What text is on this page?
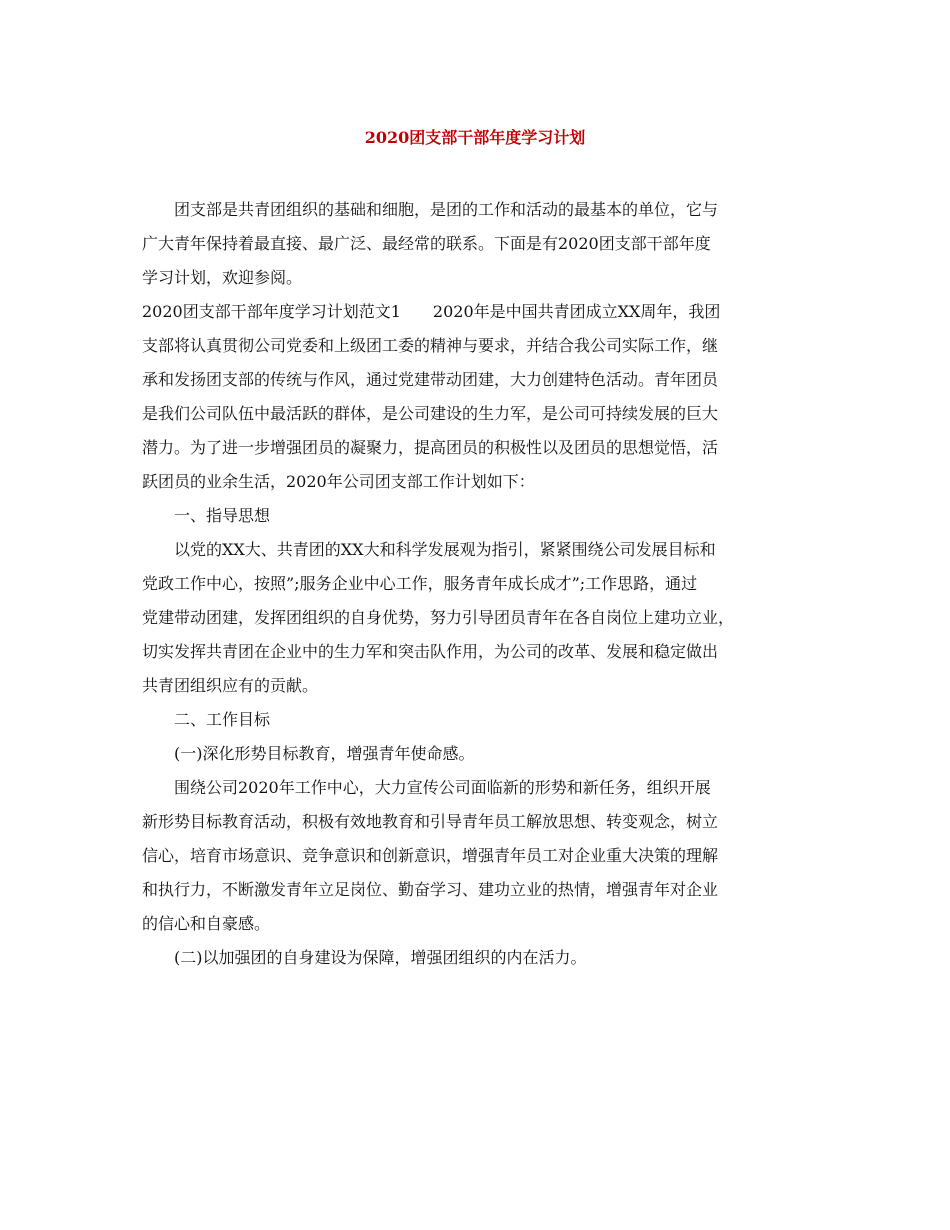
2020团支部干部年度学习计划
团支部是共青团组织的基础和细胞，是团的工作和活动的最基本的单位，它与
广大青年保持着最直接、最广泛、最经常的联系。下面是有2020团支部干部年度
学习计划，欢迎参阅。
2020团支部干部年度学习计划范文1　　2020年是中国共青团成立XX周年，我团
支部将认真贯彻公司党委和上级团工委的精神与要求，并结合我公司实际工作，继
承和发扬团支部的传统与作风，通过党建带动团建，大力创建特色活动。青年团员
是我们公司队伍中最活跃的群体，是公司建设的生力军，是公司可持续发展的巨大
潜力。为了进一步增强团员的凝聚力，提高团员的积极性以及团员的思想觉悟，活
跃团员的业余生活，2020年公司团支部工作计划如下：
一、指导思想
以党的XX大、共青团的XX大和科学发展观为指引，紧紧围绕公司发展目标和
党政工作中心，按照”;服务企业中心工作，服务青年成长成才”;工作思路，通过
党建带动团建，发挥团组织的自身优势，努力引导团员青年在各自岗位上建功立业，
切实发挥共青团在企业中的生力军和突击队作用，为公司的改革、发展和稳定做出
共青团组织应有的贡献。
二、工作目标
(一)深化形势目标教育，增强青年使命感。
围绕公司2020年工作中心，大力宣传公司面临新的形势和新任务，组织开展
新形势目标教育活动，积极有效地教育和引导青年员工解放思想、转变观念，树立
信心，培育市场意识、竞争意识和创新意识，增强青年员工对企业重大决策的理解
和执行力，不断激发青年立足岗位、勤奋学习、建功立业的热情，增强青年对企业
的信心和自豪感。
(二)以加强团的自身建设为保障，增强团组织的内在活力。
